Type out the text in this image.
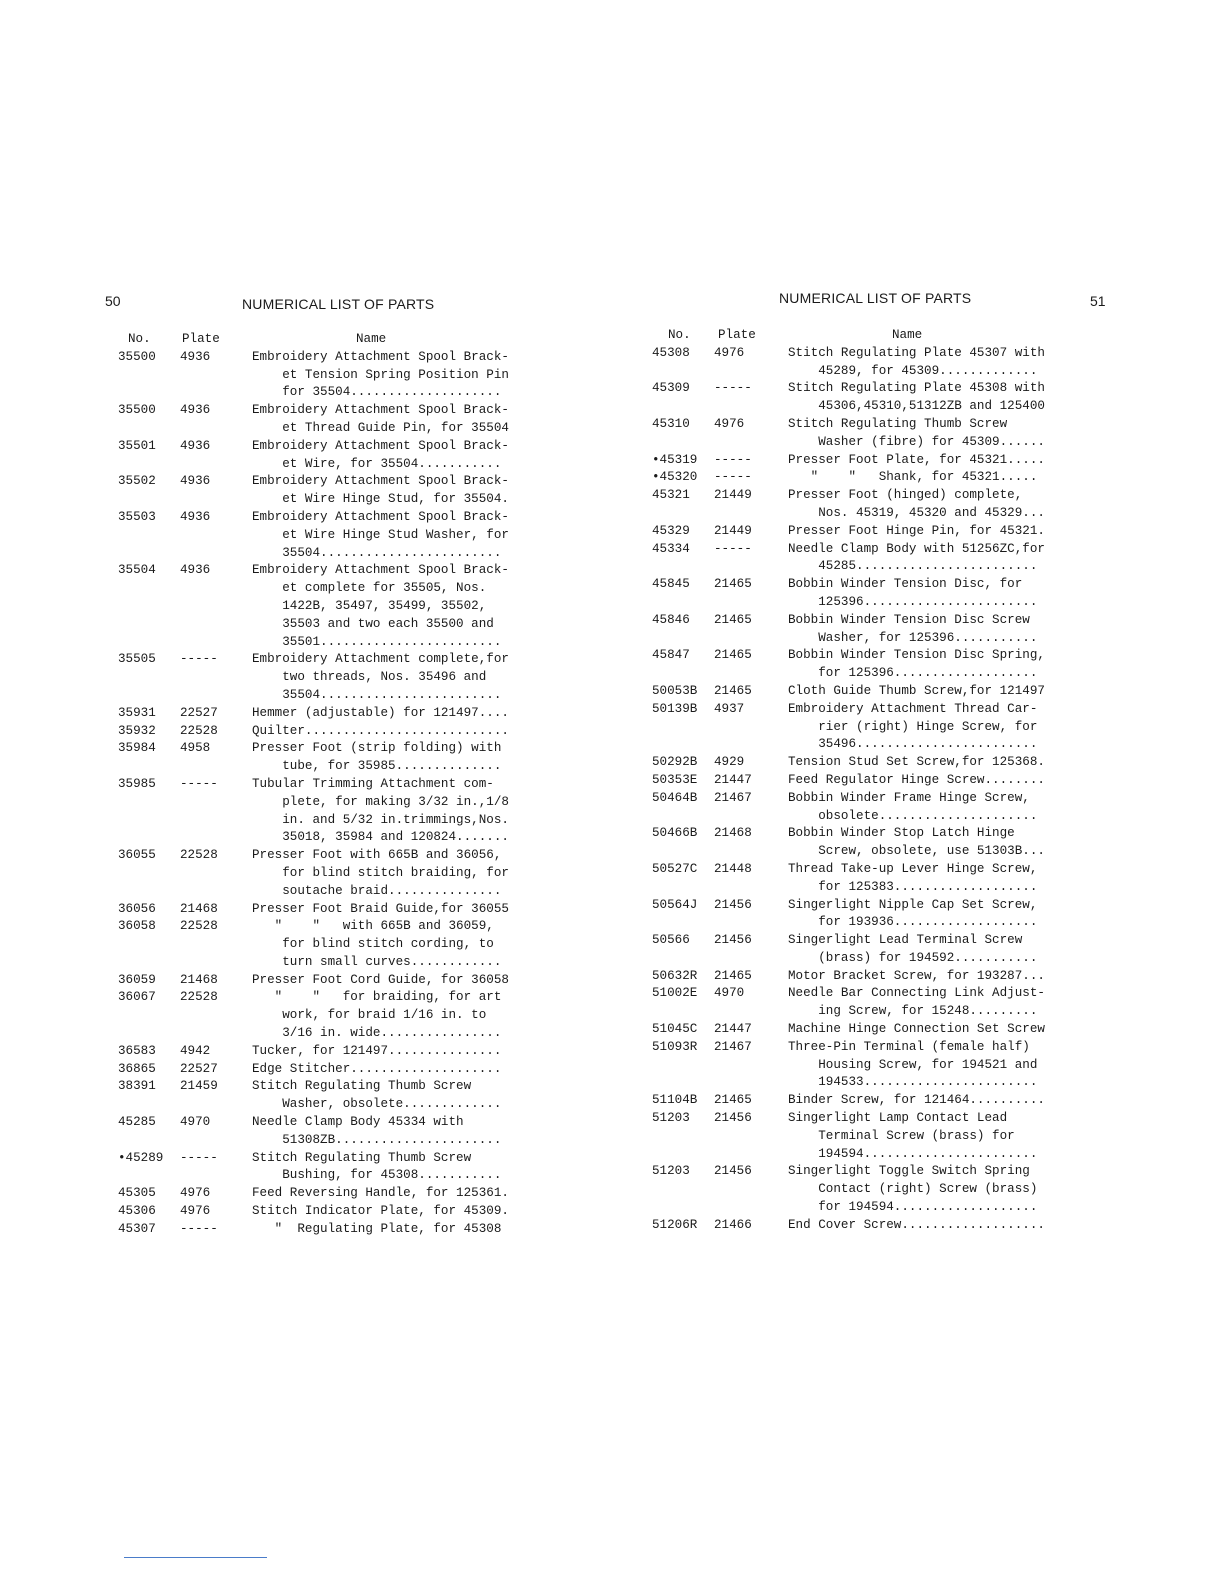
50	NUMERICAL LIST OF PARTS
No. Plate	Name
35500 4936	Embroidery Attachment Spool Brack-
et Tension Spring Position Pin
for 35504....................
35500 4936	Embroidery Attachment Spool Brack-
et Thread Guide Pin, for 35504
35501 4936	Embroidery Attachment Spool Brack-
et Wire, for 35504...........
35502 4936	Embroidery Attachment Spool Brack-
et Wire Hinge Stud, for 35504.
35503 4936	Embroidery Attachment Spool Brack-
et Wire Hinge Stud Washer, for
35504........................
35504 4936	Embroidery Attachment Spool Brack-
et complete for 35505, Nos.
1422B, 35497, 35499, 35502,
35503 and two each 35500 and
35501........................
35505 -----	Embroidery Attachment complete,for
two threads, Nos. 35496 and
35504........................
35931 22527	Hemmer (adjustable) for 121497....
35932 22528	Quilter...........................
35984 4958	Presser Foot (strip folding) with
tube, for 35985..............
35985 -----	Tubular Trimming Attachment com-
plete, for making 3/32 in.,1/8
in. and 5/32 in.trimmings,Nos.
35018, 35984 and 120824.......
36055 22528	Presser Foot with 665B and 36056,
for blind stitch braiding, for
soutache braid...............
36056 21468	Presser Foot Braid Guide,for 36055
36058 22528	"    "   with 665B and 36059,
for blind stitch cording, to
turn small curves............
36059 21468	Presser Foot Cord Guide, for 36058
36067 22528	"    "   for braiding, for art
work, for braid 1/16 in. to
3/16 in. wide................
36583 4942	Tucker, for 121497...............
36865 22527	Edge Stitcher....................
38391 21459	Stitch Regulating Thumb Screw
Washer, obsolete.............
45285 4970	Needle Clamp Body 45334 with
51308ZB......................
•45289 -----	Stitch Regulating Thumb Screw
Bushing, for 45308...........
45305 4976	Feed Reversing Handle, for 125361.
45306 4976	Stitch Indicator Plate, for 45309.
45307 -----	"  Regulating Plate, for 45308
NUMERICAL LIST OF PARTS	51
No. Plate	Name
45308 4976	Stitch Regulating Plate 45307 with
45289, for 45309.............
45309 -----	Stitch Regulating Plate 45308 with
45306,45310,51312ZB and 125400
45310 4976	Stitch Regulating Thumb Screw
Washer (fibre) for 45309......
•45319 -----	Presser Foot Plate, for 45321.....
•45320 -----	"    "   Shank, for 45321.....
45321 21449	Presser Foot (hinged) complete,
Nos. 45319, 45320 and 45329...
45329 21449	Presser Foot Hinge Pin, for 45321.
45334 -----	Needle Clamp Body with 51256ZC,for
45285........................
45845 21465	Bobbin Winder Tension Disc, for
125396.......................
45846 21465	Bobbin Winder Tension Disc Screw
Washer, for 125396...........
45847 21465	Bobbin Winder Tension Disc Spring,
for 125396...................
50053B 21465	Cloth Guide Thumb Screw,for 121497
50139B 4937	Embroidery Attachment Thread Car-
rier (right) Hinge Screw, for
35496........................
50292B 4929	Tension Stud Set Screw,for 125368.
50353E 21447	Feed Regulator Hinge Screw........
50464B 21467	Bobbin Winder Frame Hinge Screw,
obsolete.....................
50466B 21468	Bobbin Winder Stop Latch Hinge
Screw, obsolete, use 51303B...
50527C 21448	Thread Take-up Lever Hinge Screw,
for 125383...................
50564J 21456	Singerlight Nipple Cap Set Screw,
for 193936...................
50566 21456	Singerlight Lead Terminal Screw
(brass) for 194592...........
50632R 21465	Motor Bracket Screw, for 193287...
51002E 4970	Needle Bar Connecting Link Adjust-
ing Screw, for 15248.........
51045C 21447	Machine Hinge Connection Set Screw
51093R 21467	Three-Pin Terminal (female half)
Housing Screw, for 194521 and
194533.......................
51104B 21465	Binder Screw, for 121464..........
51203 21456	Singerlight Lamp Contact Lead
Terminal Screw (brass) for
194594.......................
51203 21456	Singerlight Toggle Switch Spring
Contact (right) Screw (brass)
for 194594...................
51206R 21466	End Cover Screw...................
